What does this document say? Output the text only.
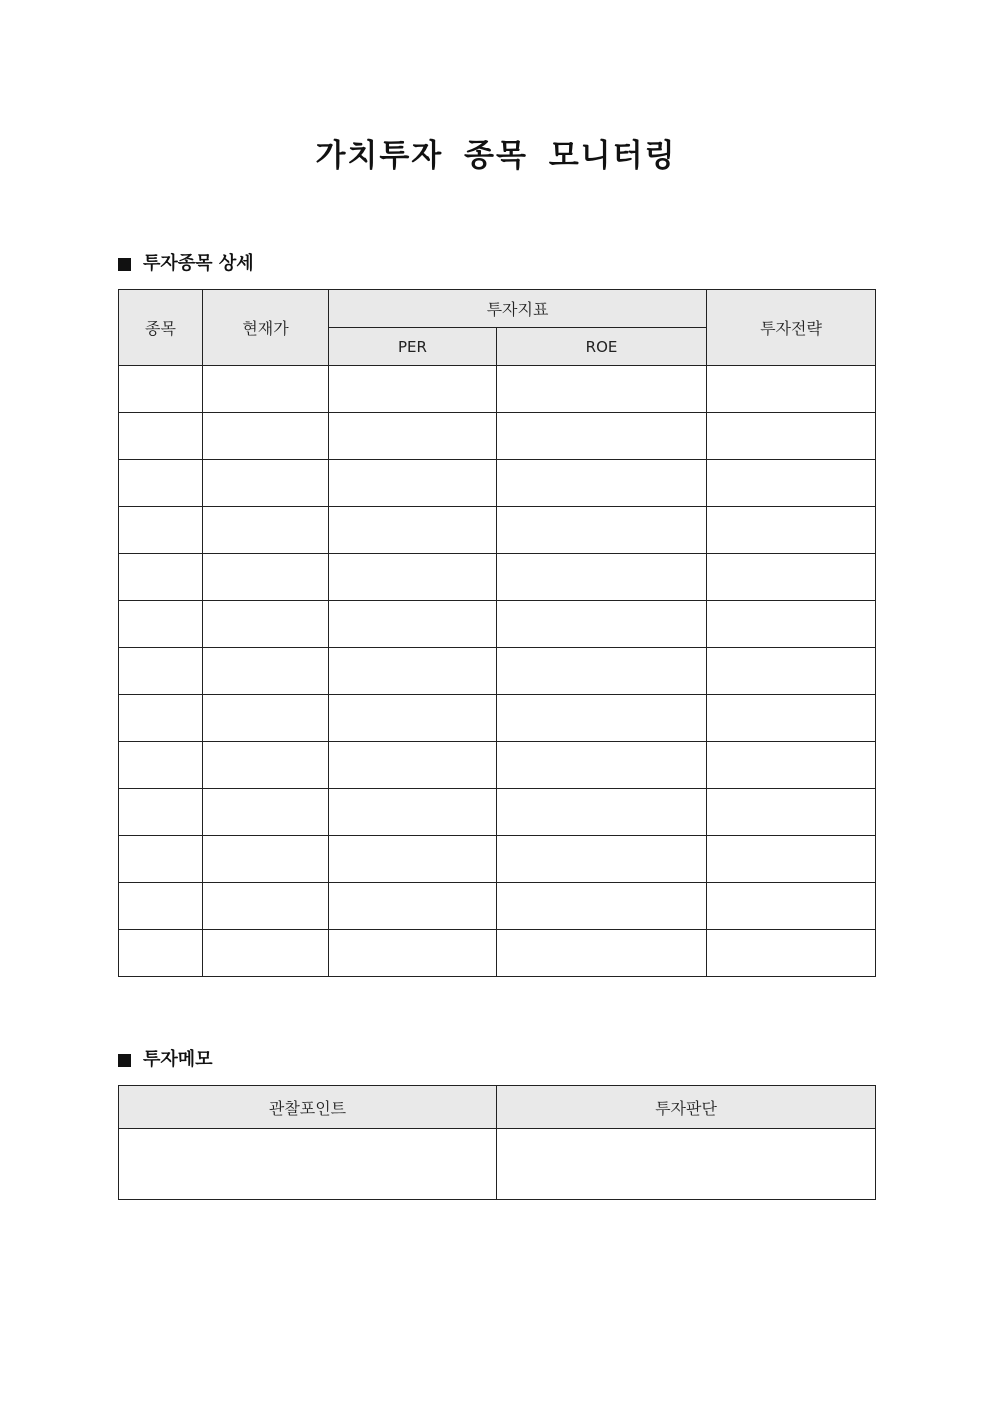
가치투자 종목 모니터링
투자종목 상세
종목	현재가	투자지표		투자전략
		PER	ROE	

투자메모
관찰포인트	투자판단
